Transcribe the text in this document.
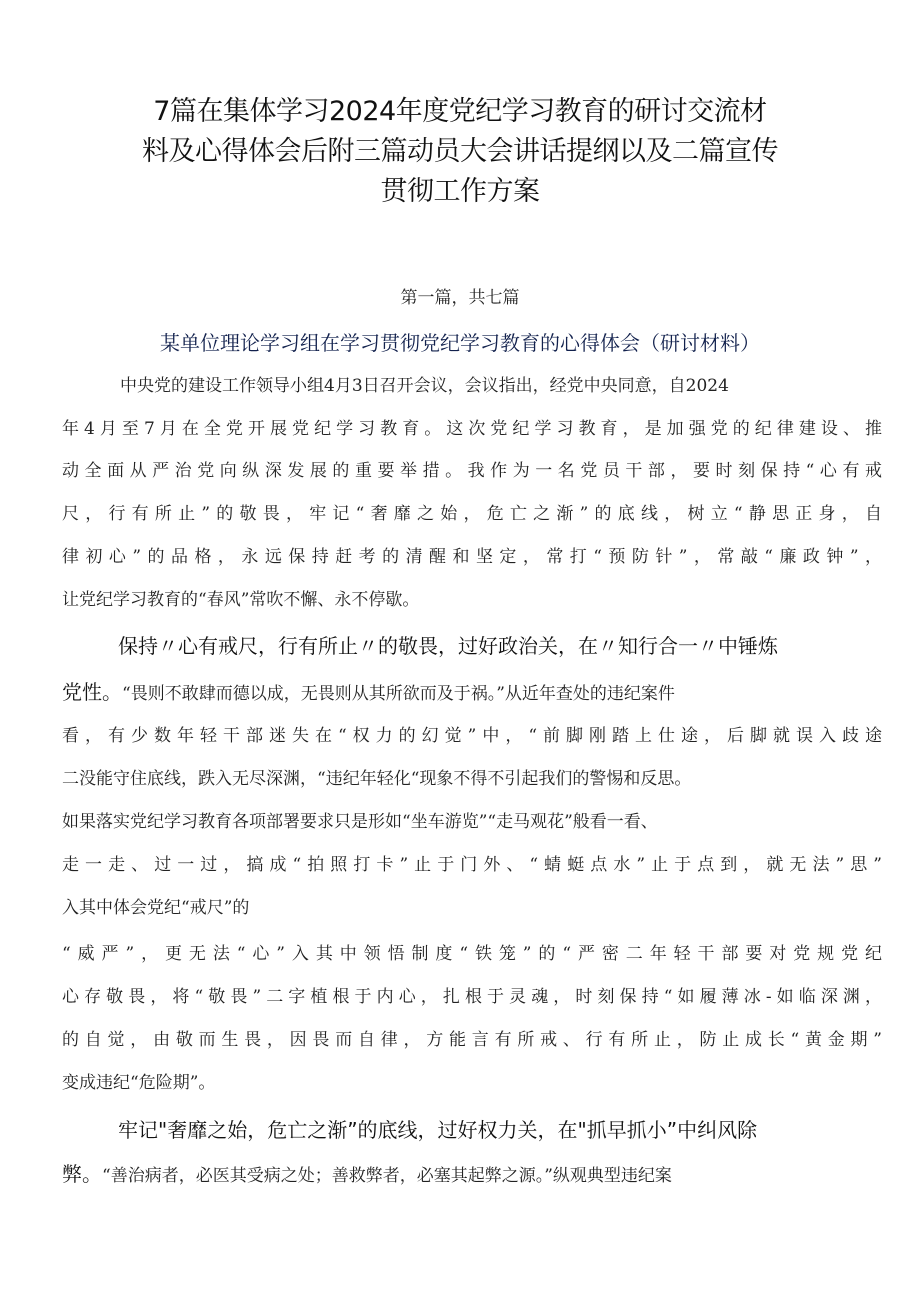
7篇在集体学习2024年度党纪学习教育的研讨交流材
料及心得体会后附三篇动员大会讲话提纲以及二篇宣传
贯彻工作方案
第一篇，共七篇
某单位理论学习组在学习贯彻党纪学习教育的心得体会（研讨材料）
中央党的建设工作领导小组4月3日召开会议，会议指出，经党中央同意，自2024
年4月至7月在全党开展党纪学习教育。这次党纪学习教育，是加强党的纪律建设、推
动全面从严治党向纵深发展的重要举措。我作为一名党员干部，要时刻保持“心有戒
尺，行有所止”的敬畏，牢记“奢靡之始，危亡之渐”的底线，树立“静思正身，自
律初心”的品格，永远保持赶考的清醒和坚定，常打“预防针”，常敲“廉政钟”，
让党纪学习教育的“春风”常吹不懈、永不停歇。
保持〃心有戒尺，行有所止〃的敬畏，过好政治关，在〃知行合一〃中锤炼
党性。“畏则不敢肆而德以成，无畏则从其所欲而及于祸。”从近年查处的违纪案件
看，有少数年轻干部迷失在“权力的幻觉”中，“前脚刚踏上仕途，后脚就误入歧途
二没能守住底线，跌入无尽深渊，“违纪年轻化“现象不得不引起我们的警惕和反思。
如果落实党纪学习教育各项部署要求只是形如“坐车游览”“走马观花”般看一看、
走一走、过一过，搞成“拍照打卡”止于门外、“蜻蜓点水”止于点到，就无法”思”
入其中体会党纪“戒尺”的
“威严”，更无法“心”入其中领悟制度“铁笼”的“严密二年轻干部要对党规党纪
心存敬畏，将“敬畏”二字植根于内心，扎根于灵魂，时刻保持“如履薄冰-如临深渊，
的自觉，由敬而生畏，因畏而自律，方能言有所戒、行有所止，防止成长“黄金期”
变成违纪“危险期”。
牢记"奢靡之始，危亡之渐”的底线，过好权力关，在"抓早抓小”中纠风除
弊。“善治病者，必医其受病之处；善救弊者，必塞其起弊之源。”纵观典型违纪案
